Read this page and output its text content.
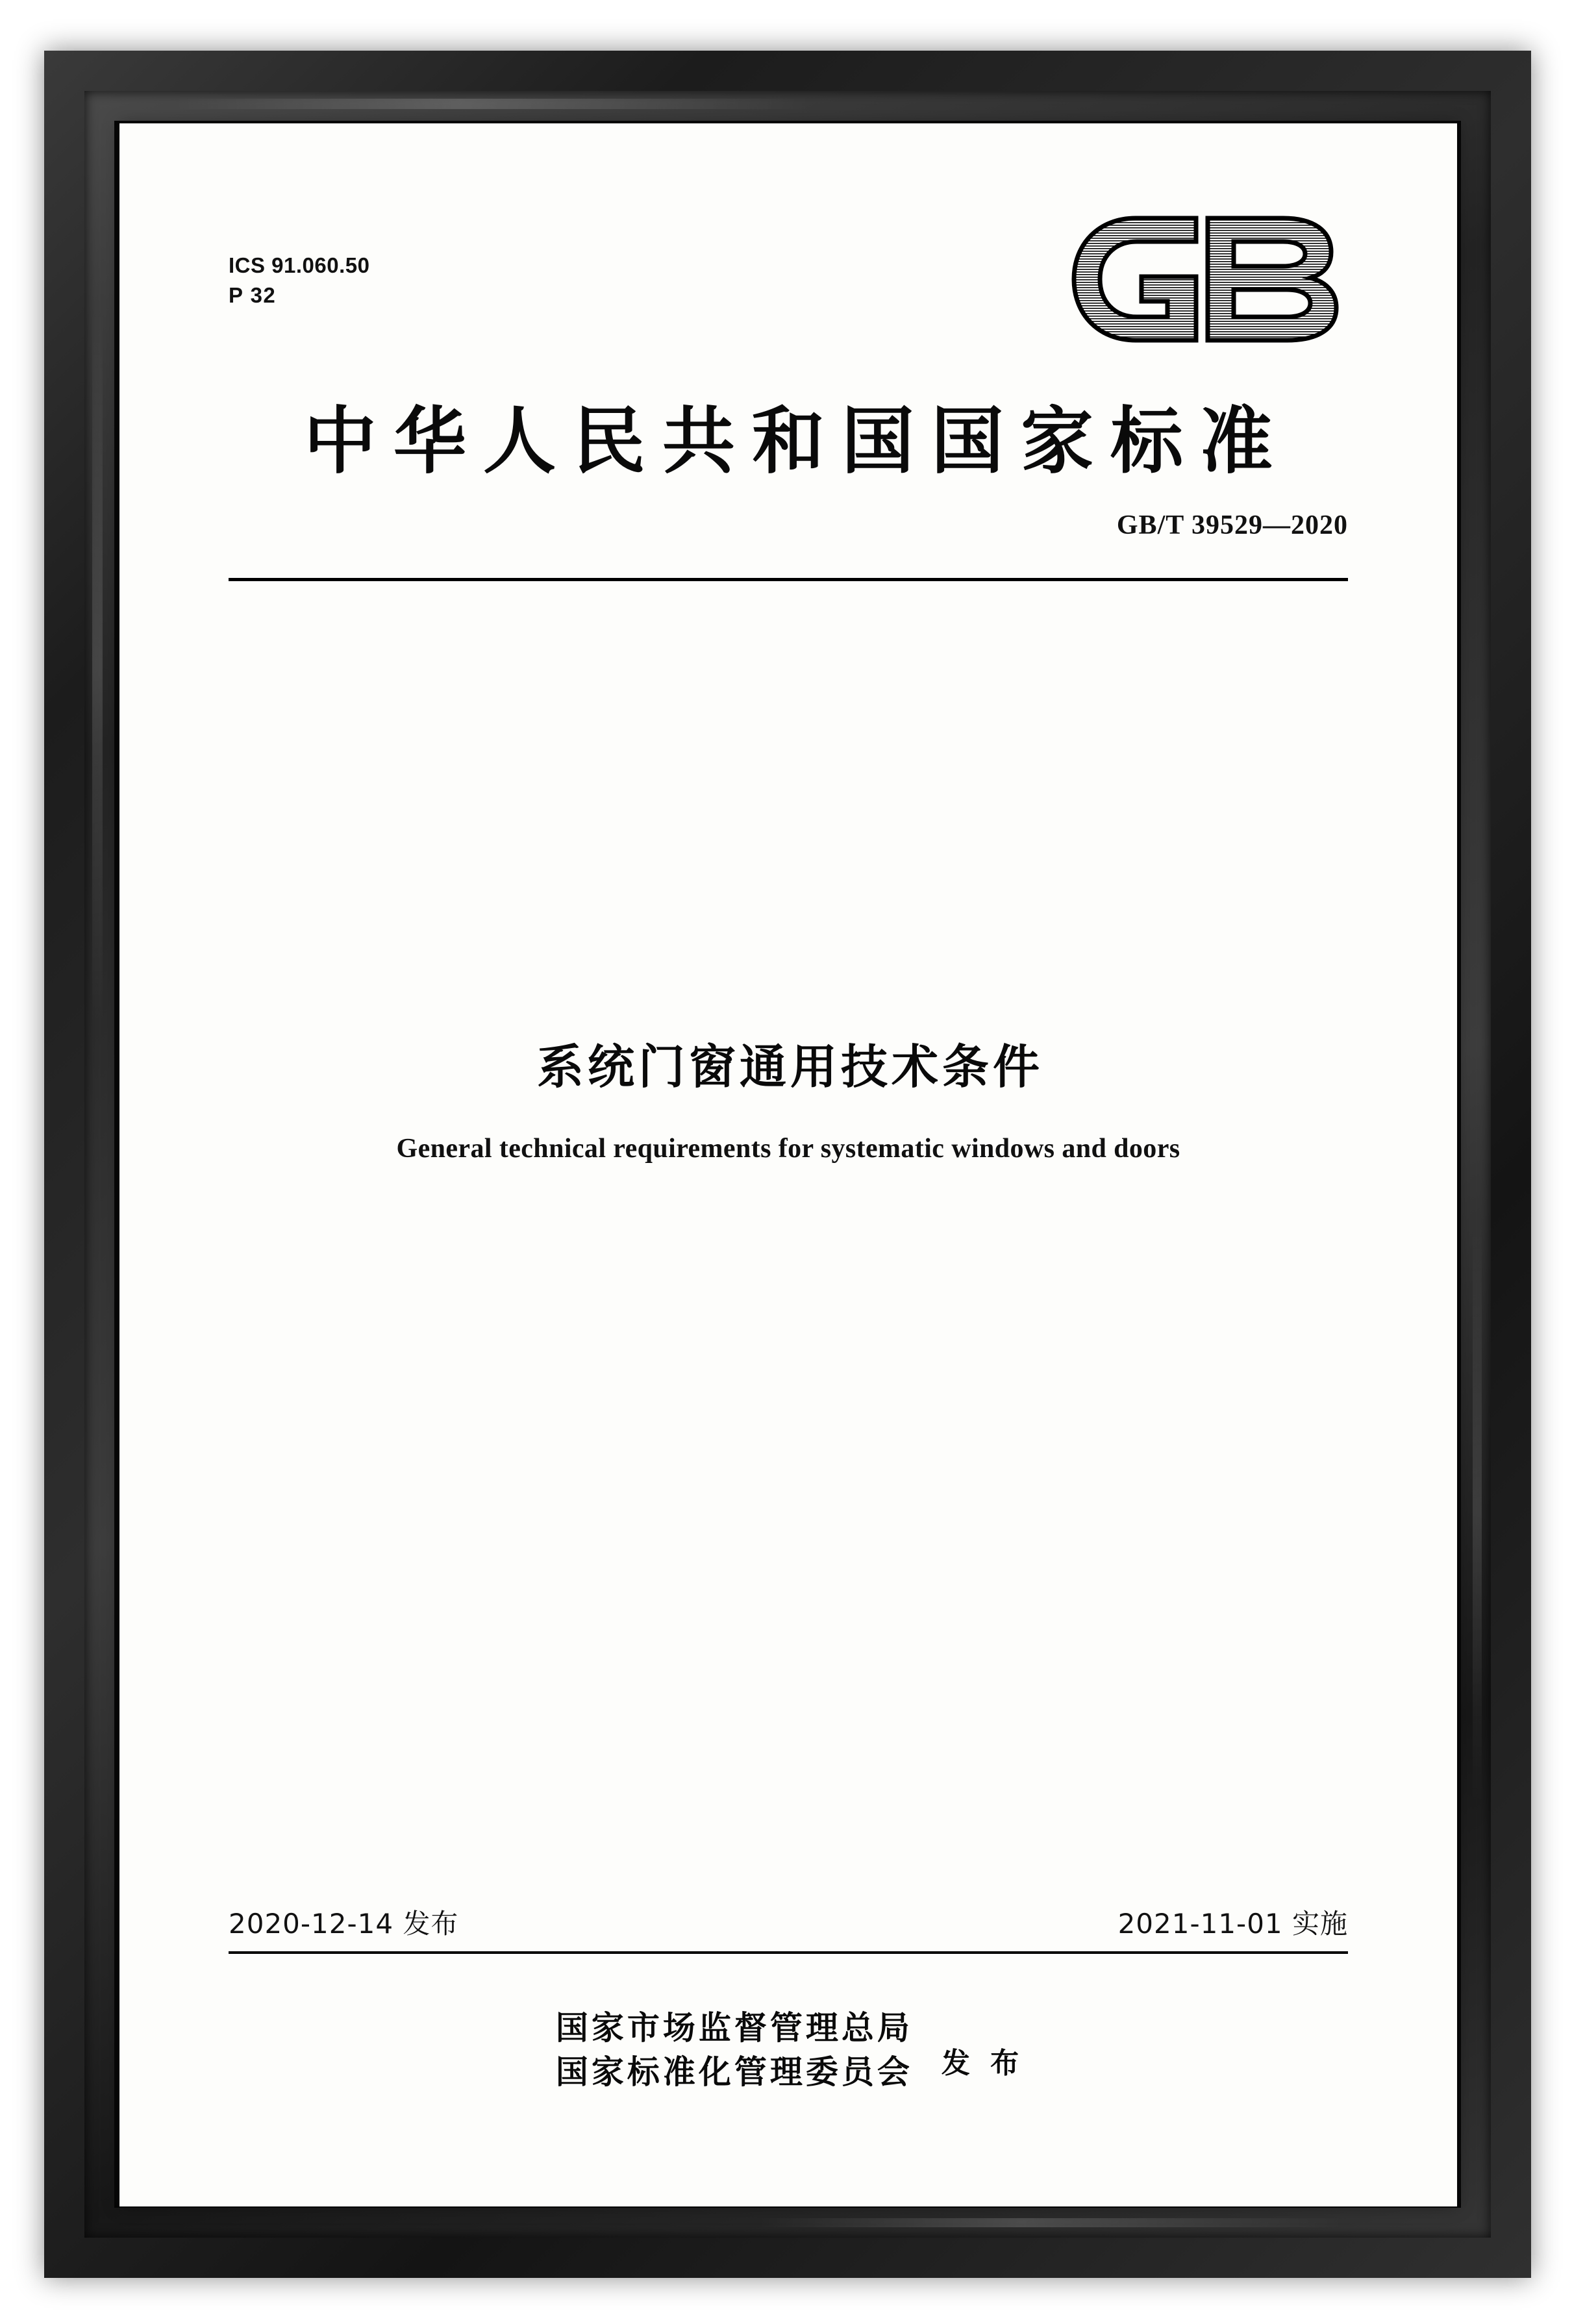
ICS 91.060.50
P 32
中华人民共和国国家标准
GB/T 39529—2020
系统门窗通用技术条件
General technical requirements for systematic windows and doors
2020-12-14 发布	2021-11-01 实施
国家市场监督管理总局
国家标准化管理委员会 发 布
